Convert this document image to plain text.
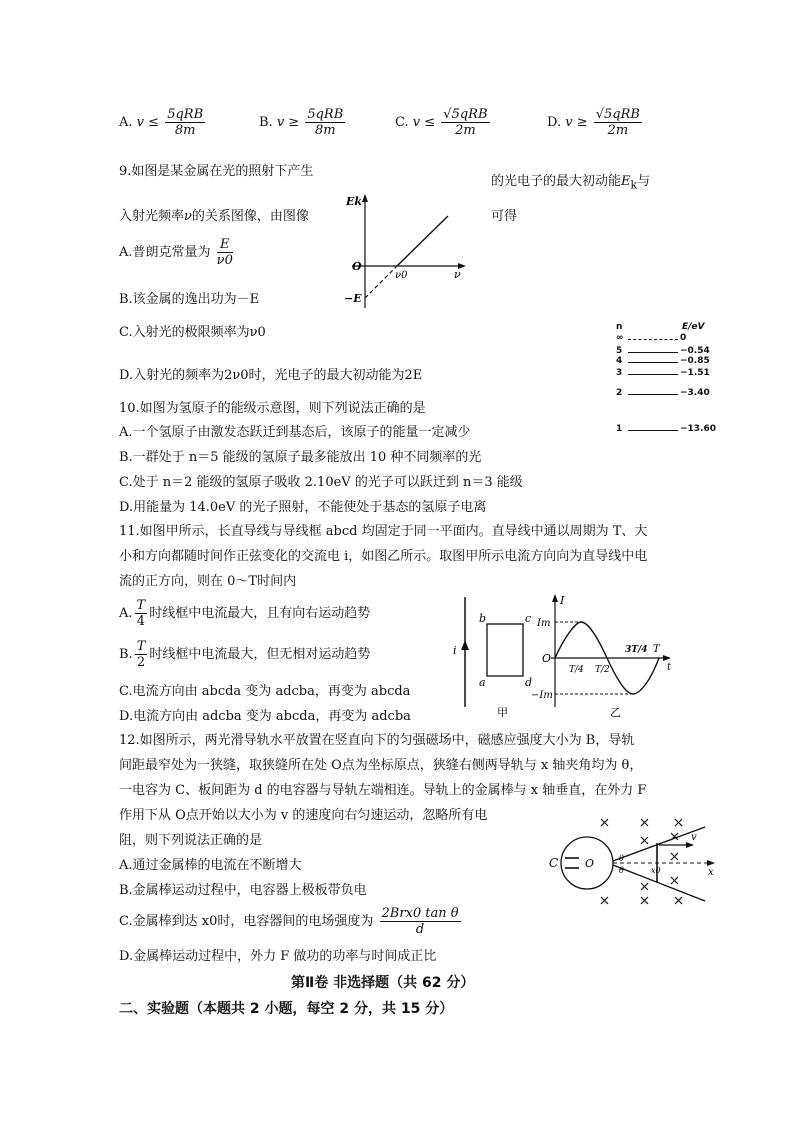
A. $v \le \frac{\text{5qRB}}{8m}$	B. $v \ge \frac{\text{5qRB}}{8m}$	C. $v \le \frac{\text{√5qRB}}{2m}$	D. $v \ge \frac{\text{√5qRB}}{2m}$
9.如图是某金属在光的照射下产生
的光电子的最大初动能$E_k$与
入射光频率ν的关系图像，由图像	可得
A.普朗克常量为 $\frac{E}{\nu 0}$
B.该金属的逸出功为－E
C.入射光的极限频率为ν0
D.入射光的频率为2ν0时，光电子的最大初动能为2E
Ek
O
ν0	ν
−E
n	E/eV
∞	0
5	−0.54
4	−0.85
3	−1.51
2	−3.40
1	−13.60
10.如图为氢原子的能级示意图，则下列说法正确的是
A.一个氢原子由激发态跃迁到基态后，该原子的能量一定减少
B.一群处于 n＝5 能级的氢原子最多能放出 10 种不同频率的光
C.处于 n＝2 能级的氢原子吸收 2.10eV 的光子可以跃迁到 n＝3 能级
D.用能量为 14.0eV 的光子照射，不能使处于基态的氢原子电离
11.如图甲所示，长直导线与导线框 abcd 均固定于同一平面内。直导线中通以周期为 T、大
小和方向都随时间作正弦变化的交流电 i，如图乙所示。取图甲所示电流方向向为直导线中电
流的正方向，则在 0～T时间内
A. $\frac{T}{4}$ 时线框中电流最大，且有向右运动趋势
B. $\frac{T}{2}$ 时线框中电流最大，但无相对运动趋势
C.电流方向由 abcda 变为 adcba，再变为 abcda
D.电流方向由 adcba 变为 abcda，再变为 adcba
i
b	c
a	d
甲
I
Im
−Im
O
T/4 T/2
3T/4 T
t
乙
12.如图所示，两光滑导轨水平放置在竖直向下的匀强磁场中，磁感应强度大小为 B，导轨
间距最窄处为一狭缝，取狭缝所在处 O点为坐标原点，狭缝右侧两导轨与 x 轴夹角均为 θ，
一电容为 C、板间距为 d 的电容器与导轨左端相连。导轨上的金属棒与 x 轴垂直，在外力 F
作用下从 O点开始以大小为 v 的速度向右匀速运动，忽略所有电
阻，则下列说法正确的是
A.通过金属棒的电流在不断增大
B.金属棒运动过程中，电容器上极板带负电
C.金属棒到达 x0时，电容器间的电场强度为 $\frac{\text{2Brx0 tan θ}}{d}$
D.金属棒运动过程中，外力 F 做功的功率与时间成正比
C O
x
x0
v
θ
θ
第Ⅱ卷 非选择题（共 62 分）
二、实验题（本题共 2 小题，每空 2 分，共 15 分）
